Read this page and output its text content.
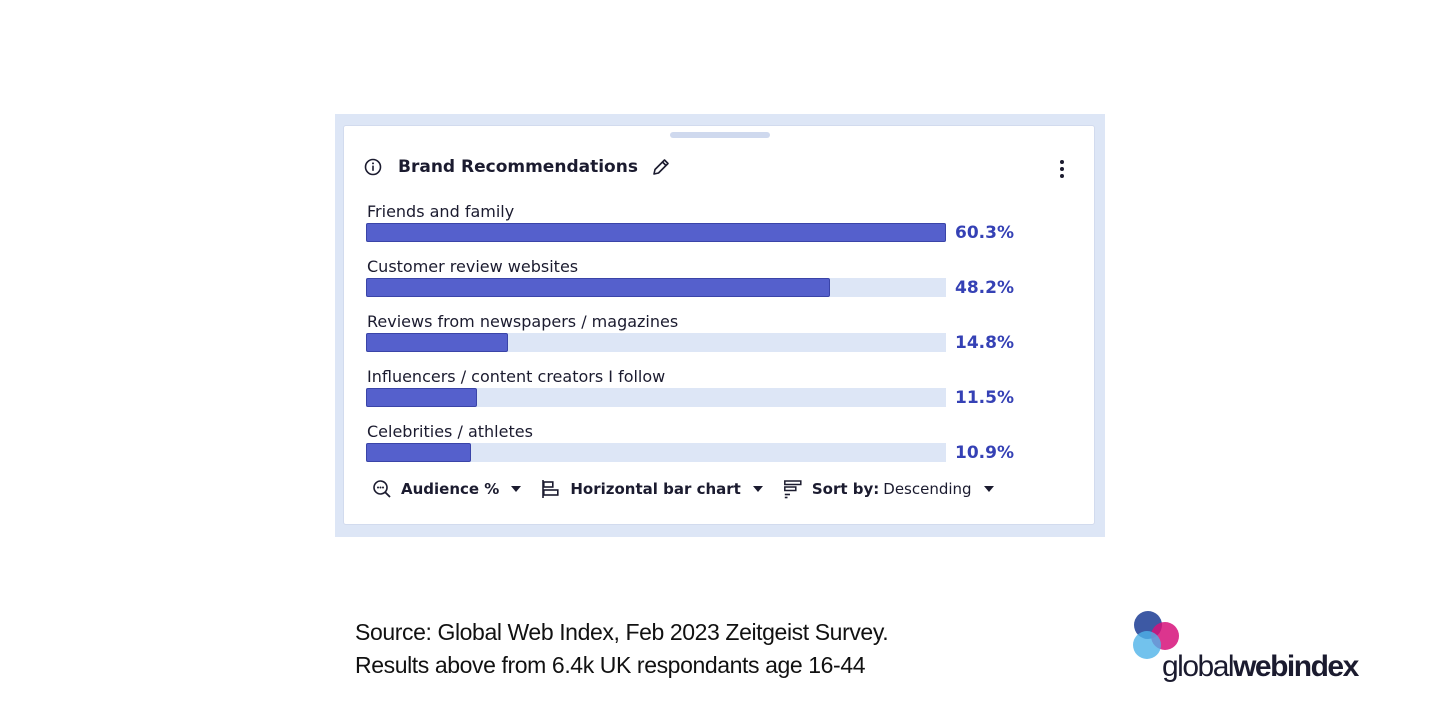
Brand Recommendations
Friends and family
60.3%
Customer review websites
48.2%
Reviews from newspapers / magazines
14.8%
Influencers / content creators I follow
11.5%
Celebrities / athletes
10.9%
Audience %	Horizontal bar chart	Sort by: Descending
Source: Global Web Index, Feb 2023 Zeitgeist Survey.
Results above from 6.4k UK respondants age 16-44	globalwebindex
